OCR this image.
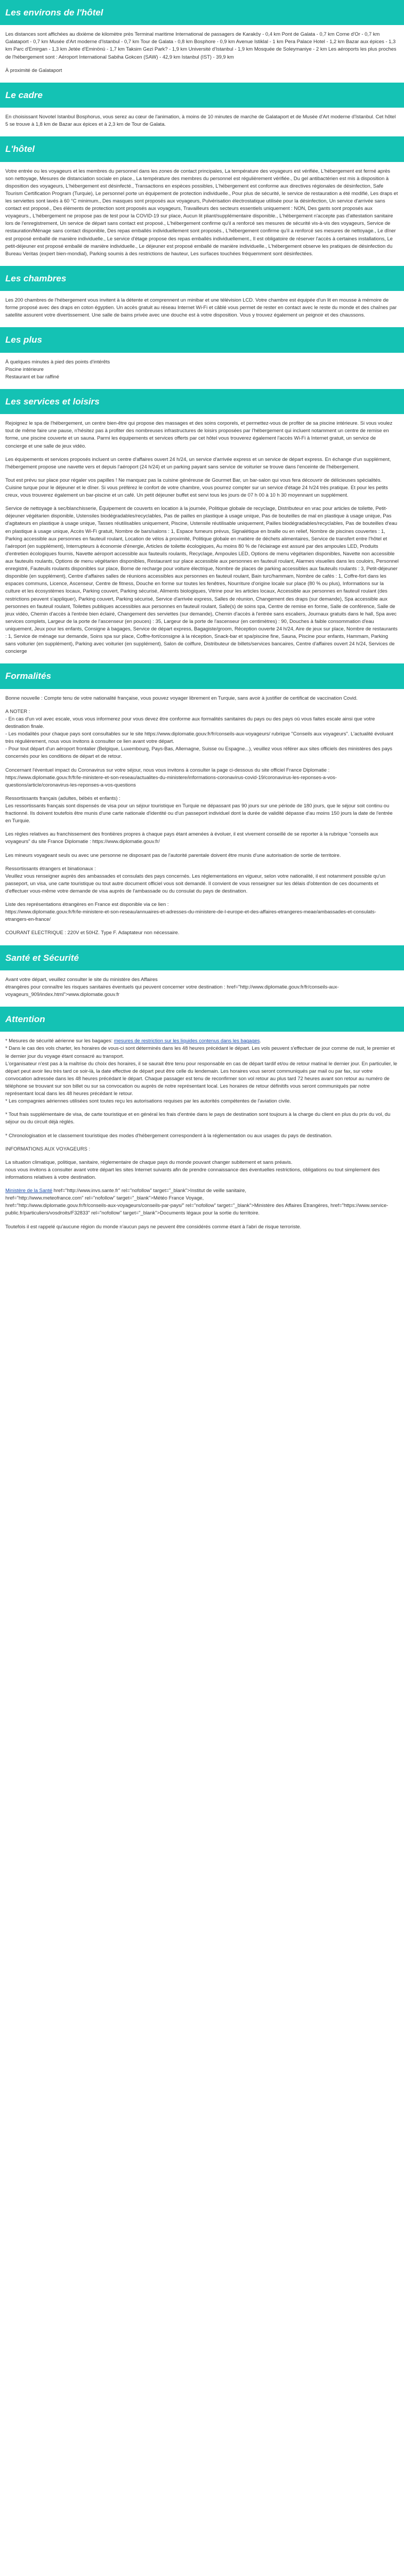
Les environs de l'hôtel

Les distances sont affichées au dixième de kilomètre près Terminal maritime International de passagers de Karaköy - 0,4 km Pont de Galata - 0,7 km Corne d'Or - 0,7 km Galataport - 0,7 km Musée d'Art moderne d'Istanbul - 0,7 km Tour de Galata - 0,8 km Bosphore - 0,9 km Avenue Istiklal - 1 km Pera Palace Hotel - 1,2 km Bazar aux épices - 1,3 km Parc d'Emirgan - 1,3 km Jetée d'Eminönü - 1,7 km Taksim Gezi Park? - 1,9 km Université d'Istanbul - 1,9 km Mosquée de Soleymaniye - 2 km Les aéroports les plus proches de l'hébergement sont : Aéroport International Sabiha Gokcen (SAW) - 42,9 km Istanbul (IST) - 39,9 km

À proximité de Galataport

Le cadre

En choisissant Novotel Istanbul Bosphorus, vous serez au cœur de l'animation, à moins de 10 minutes de marche de Galataport et de Musée d'Art moderne d'Istanbul. Cet hôtel 5 se trouve à 1,8 km de Bazar aux épices et à 2,3 km de Tour de Galata.

L'hôtel

Votre entrée ou les voyageurs et les membres du personnel dans les zones de contact principales, La température des voyageurs est vérifiée, L'hébergement est fermé après son nettoyage, Mesures de distanciation sociale en place., La température des membres du personnel est régulièrement vérifiée., Du gel antibactérien est mis à disposition à disposition des voyageurs, L'hébergement est désinfecté., Transactions en espèces possibles, L'hébergement est conforme aux directives régionales de désinfection, Safe Tourism Certification Program (Turquie), Le personnel porte un équipement de protection individuelle., Pour plus de sécurité, le service de restauration a été modifié, Les draps et les serviettes sont lavés à 60 °C minimum., Des masques sont proposés aux voyageurs, Pulvérisation électrostatique utilisée pour la désinfection, Un service d'arrivée sans contact est proposé., Des éléments de protection sont proposés aux voyageurs, Travailleurs des secteurs essentiels uniquement : NON, Des gants sont proposés aux voyageurs., L'hébergement ne propose pas de test pour la COVID-19 sur place, Aucun lit pliant/supplémentaire disponible., L'hébergement n'accepte pas d'attestation sanitaire lors de l'enregistrement, Un service de départ sans contact est proposé., L'hébergement confirme qu'il a renforcé ses mesures de sécurité vis-à-vis des voyageurs, Service de restauration/Ménage sans contact disponible, Des repas emballés individuellement sont proposés., L'hébergement confirme qu'il a renforcé ses mesures de nettoyage., Le dîner est proposé emballé de manière individuelle., Le service d'étage propose des repas emballés individuellement., Il est obligatoire de réserver l'accès à certaines installations, Le petit-déjeuner est proposé emballé de manière individuelle., Le déjeuner est proposé emballé de manière individuelle., L'hébergement observe les pratiques de désinfection du Bureau Veritas (expert bien-mondial), Parking soumis à des restrictions de hauteur, Les surfaces touchées fréquemment sont désinfectées.

Les chambres

Les 200 chambres de l'hébergement vous invitent à la détente et comprennent un minibar et une télévision LCD. Votre chambre est équipée d'un lit en mousse à mémoire de forme proposé avec des draps en coton égyptien. Un accès gratuit au réseau Internet Wi-Fi et câblé vous permet de rester en contact avec le reste du monde et des chaînes par satellite assurent votre divertissement. Une salle de bains privée avec une douche est à votre disposition. Vous y trouvez également un peignoir et des chaussons.

Les plus

À quelques minutes à pied des points d'intérêts
Piscine intérieure
Restaurant et bar raffiné

Les services et loisirs

Rejoignez le spa de l'hébergement, un centre bien-être qui propose des massages et des soins corporels, et permettez-vous de profiter de sa piscine intérieure. Si vous voulez tout de même faire une pause, n'hésitez pas à profiter des nombreuses infrastructures de loisirs proposées par l'hébergement qui incluent notamment un centre de remise en forme, une piscine couverte et un sauna. Parmi les équipements et services offerts par cet hôtel vous trouverez également l'accès Wi-Fi à Internet gratuit, un service de concierge et une salle de jeux vidéo.

Les équipements et services proposés incluent un centre d'affaires ouvert 24 h/24, un service d'arrivée express et un service de départ express. En échange d'un supplément, l'hébergement propose une navette vers et depuis l'aéroport (24 h/24) et un parking payant sans service de voiturier se trouve dans l'enceinte de l'hébergement.

Tout est prévu sur place pour régaler vos papilles ! Ne manquez pas la cuisine généreuse de Gourmet Bar, un bar-salon qui vous fera découvrir de délicieuses spécialités. Cuisine turque pour le déjeuner et le dîner. Si vous préférez le confort de votre chambre, vous pourrez compter sur un service d'étage 24 h/24 très pratique. Et pour les petits creux, vous trouverez également un bar-piscine et un café. Un petit déjeuner buffet est servi tous les jours de 07 h 00 à 10 h 30 moyennant un supplément.

Service de nettoyage à sec/blanchisserie, Équipement de couverts en location à la journée, Politique globale de recyclage, Distributeur en vrac pour articles de toilette, Petit-déjeuner végétarien disponible, Ustensiles biodégradables/recyclables, Pas de pailles en plastique à usage unique, Pas de bouteilles de mal en plastique à usage unique, Pas d'agitateurs en plastique à usage unique, Tasses réutilisables uniquement, Piscine, Ustensile réutilisable uniquement, Pailles biodégradables/recyclables, Pas de bouteilles d'eau en plastique à usage unique, Accès Wi-Fi gratuit, Nombre de bars/salons : 1, Espace fumeurs prévus, Signalétique en braille ou en relief, Nombre de piscines couvertes : 1, Parking accessible aux personnes en fauteuil roulant, Location de vélos à proximité, Politique globale en matière de déchets alimentaires, Service de transfert entre l'hôtel et l'aéroport (en supplément), Interrupteurs à économie d'énergie, Articles de toilette écologiques, Au moins 80 % de l'éclairage est assuré par des ampoules LED, Produits d'entretien écologiques fournis, Navette aéroport accessible aux fauteuils roulants, Recyclage, Ampoules LED, Options de menu végétarien disponibles, Navette non accessible aux fauteuils roulants, Options de menu végétarien disponibles, Restaurant sur place accessible aux personnes en fauteuil roulant, Alarmes visuelles dans les couloirs, Personnel enregistré, Fauteuils roulants disponibles sur place, Borne de recharge pour voiture électrique, Nombre de places de parking accessibles aux fauteuils roulants : 3, Petit-déjeuner disponible (en supplément), Centre d'affaires salles de réunions accessibles aux personnes en fauteuil roulant, Bain turc/hammam, Nombre de cafés : 1, Coffre-fort dans les espaces communs, Licence, Ascenseur, Centre de fitness, Douche en forme sur toutes les fenêtres, Nourriture d'origine locale sur place (80 % ou plus), Informations sur la culture et les écosystèmes locaux, Parking couvert, Parking sécurisé, Aliments biologiques, Vitrine pour les articles locaux, Accessible aux personnes en fauteuil roulant (des restrictions peuvent s'appliquer), Parking couvert, Parking sécurisé, Service d'arrivée express, Salles de réunion, Changement des draps (sur demande), Spa accessible aux personnes en fauteuil roulant, Toilettes publiques accessibles aux personnes en fauteuil roulant, Salle(s) de soins spa, Centre de remise en forme, Salle de conférence, Salle de jeux vidéo, Chemin d'accès à l'entrée bien éclairé, Changement des serviettes (sur demande), Chemin d'accès à l'entrée sans escaliers, Journaux gratuits dans le hall, Spa avec services complets, Largeur de la porte de l'ascenseur (en pouces) : 35, Largeur de la porte de l'ascenseur (en centimètres) : 90, Douches à faible consommation d'eau uniquement, Jeux pour les enfants, Consigne à bagages, Service de départ express, Bagagiste/groom, Réception ouverte 24 h/24, Aire de jeux sur place, Nombre de restaurants : 1, Service de ménage sur demande, Soins spa sur place, Coffre-fort/consigne à la réception, Snack-bar et spa/piscine fine, Sauna, Piscine pour enfants, Hammam, Parking sans voiturier (en supplément), Parking avec voiturier (en supplément), Salon de coiffure, Distributeur de billets/services bancaires, Centre d'affaires ouvert 24 h/24, Services de concierge

Formalités

Bonne nouvelle : Compte tenu de votre nationalité française, vous pouvez voyager librement en Turquie, sans avoir à justifier de certificat de vaccination Covid.

A NOTER :
- En cas d'un vol avec escale, vous vous informerez pour vous devez être conforme aux formalités sanitaires du pays ou des pays où vous faites escale ainsi que votre destination finale.
- Les modalités pour chaque pays sont consultables sur le site https://www.diplomatie.gouv.fr/fr/conseils-aux-voyageurs/ rubrique "Conseils aux voyageurs". L'actualité évoluant très régulièrement, nous vous invitons à consulter ce lien avant votre départ.
- Pour tout départ d'un aéroport frontalier (Belgique, Luxembourg, Pays-Bas, Allemagne, Suisse ou Espagne...), veuillez vous référer aux sites officiels des ministères des pays concernés pour les conditions de départ et de retour.

Concernant l'éventuel impact du Coronavirus sur votre séjour, nous vous invitons à consulter la page ci-dessous du site officiel France Diplomatie :
https://www.diplomatie.gouv.fr/fr/le-ministere-et-son-reseau/actualites-du-ministere/informations-coronavirus-covid-19/coronavirus-les-reponses-a-vos-questions/article/coronavirus-les-reponses-a-vos-questions

Ressortissants français (adultes, bébés et enfants) :
Les ressortissants français sont dispensés de visa pour un séjour touristique en Turquie ne dépassant pas 90 jours sur une période de 180 jours, que le séjour soit continu ou fractionné. Ils doivent toutefois être munis d'une carte nationale d'identité ou d'un passeport individuel dont la durée de validité dépasse d'au moins 150 jours la date de l'entrée en Turquie.

Les règles relatives au franchissement des frontières propres à chaque pays étant amenées à évoluer, il est vivement conseillé de se reporter à la rubrique "conseils aux voyageurs" du site France Diplomatie : https://www.diplomatie.gouv.fr/

Les mineurs voyageant seuls ou avec une personne ne disposant pas de l'autorité parentale doivent être munis d'une autorisation de sortie de territoire.

Ressortissants étrangers et binationaux :
Veuillez vous renseigner auprès des ambassades et consulats des pays concernés. Les réglementations en vigueur, selon votre nationalité, il est notamment possible qu'un passeport, un visa, une carte touristique ou tout autre document officiel vous soit demandé. Il convient de vous renseigner sur les délais d'obtention de ces documents et d'effectuer vous-même votre demande de visa auprès de l'ambassade ou du consulat du pays de destination.

Liste des représentations étrangères en France est disponible via ce lien :
https://www.diplomatie.gouv.fr/fr/le-ministere-et-son-reseau/annuaires-et-adresses-du-ministere-de-l-europe-et-des-affaires-etrangeres-meae/ambassades-et-consulats-etrangers-en-france/

COURANT ELECTRIQUE : 220V et 50HZ. Type F. Adaptateur non nécessaire.

Santé et Sécurité

Avant votre départ, veuillez consulter le site du ministère des Affaires
étrangères pour connaître les risques sanitaires éventuels qui peuvent concerner votre destination : href="http://www.diplomatie.gouv.fr/fr/conseils-aux-voyageurs_909/index.html">www.diplomatie.gouv.fr

Attention

* Mesures de sécurité aérienne sur les bagages: mesures de restriction sur les liquides contenus dans les bagages.
* Dans le cas des vols charter, les horaires de vous-ci sont déterminés dans les 48 heures précédant le départ. Les vols peuvent s'effectuer de jour comme de nuit, le premier et le dernier jour du voyage étant consacré au transport.
L'organisateur n'est pas à la maîtrise du choix des horaires, il se saurait être tenu pour responsable en cas de départ tardif et/ou de retour matinal le dernier jour. En particulier, le départ peut avoir lieu très tard ce soir-là, la date effective de départ peut être celle du lendemain. Les horaires vous seront communiqués par mail ou par fax, sur votre convocation adressée dans les 48 heures précédant le départ. Chaque passager est tenu de reconfirmer son vol retour au plus tard 72 heures avant son retour au numéro de téléphone se trouvant sur son billet ou sur sa convocation ou auprès de notre représentant local. Les horaires de retour définitifs vous seront communiqués par notre représentant local dans les 48 heures précédant le retour.
* Les compagnies aériennes utilisées sont toutes reçu les autorisations requises par les autorités compétentes de l'aviation civile.

* Tout frais supplémentaire de visa, de carte touristique et en général les frais d'entrée dans le pays de destination sont toujours à la charge du client en plus du prix du vol, du séjour ou du circuit déjà réglés.

* Chronologisation et le classement touristique des modes d'hébergement correspondent à la réglementation ou aux usages du pays de destination.

INFORMATIONS AUX VOYAGEURS :

La situation climatique, politique, sanitaire, réglementaire de chaque pays du monde pouvant changer subitement et sans préavis.
nous vous invitons à consulter avant votre départ les sites Internet suivants afin de prendre connaissance des éventuelles restrictions, obligations ou tout simplement des informations relatives à votre destination.

Ministère de la Santé href="http://www.invs.sante.fr" rel="nofollow" target="_blank">Institut de veille sanitaire,
href="http://www.meteofrance.com" rel="nofollow" target="_blank">Météo France Voyage,
href="http://www.diplomatie.gouv.fr/fr/conseils-aux-voyageurs/conseils-par-pays/" rel="nofollow" target="_blank">Ministère des Affaires Étrangères, href="https://www.service-public.fr/particuliers/vosdroits/F32833" rel="nofollow" target="_blank">Documents légaux pour la sortie du territoire.

Toutefois il est rappelé qu'aucune région du monde n'aucun pays ne peuvent être considérés comme étant à l'abri de risque terroriste.
